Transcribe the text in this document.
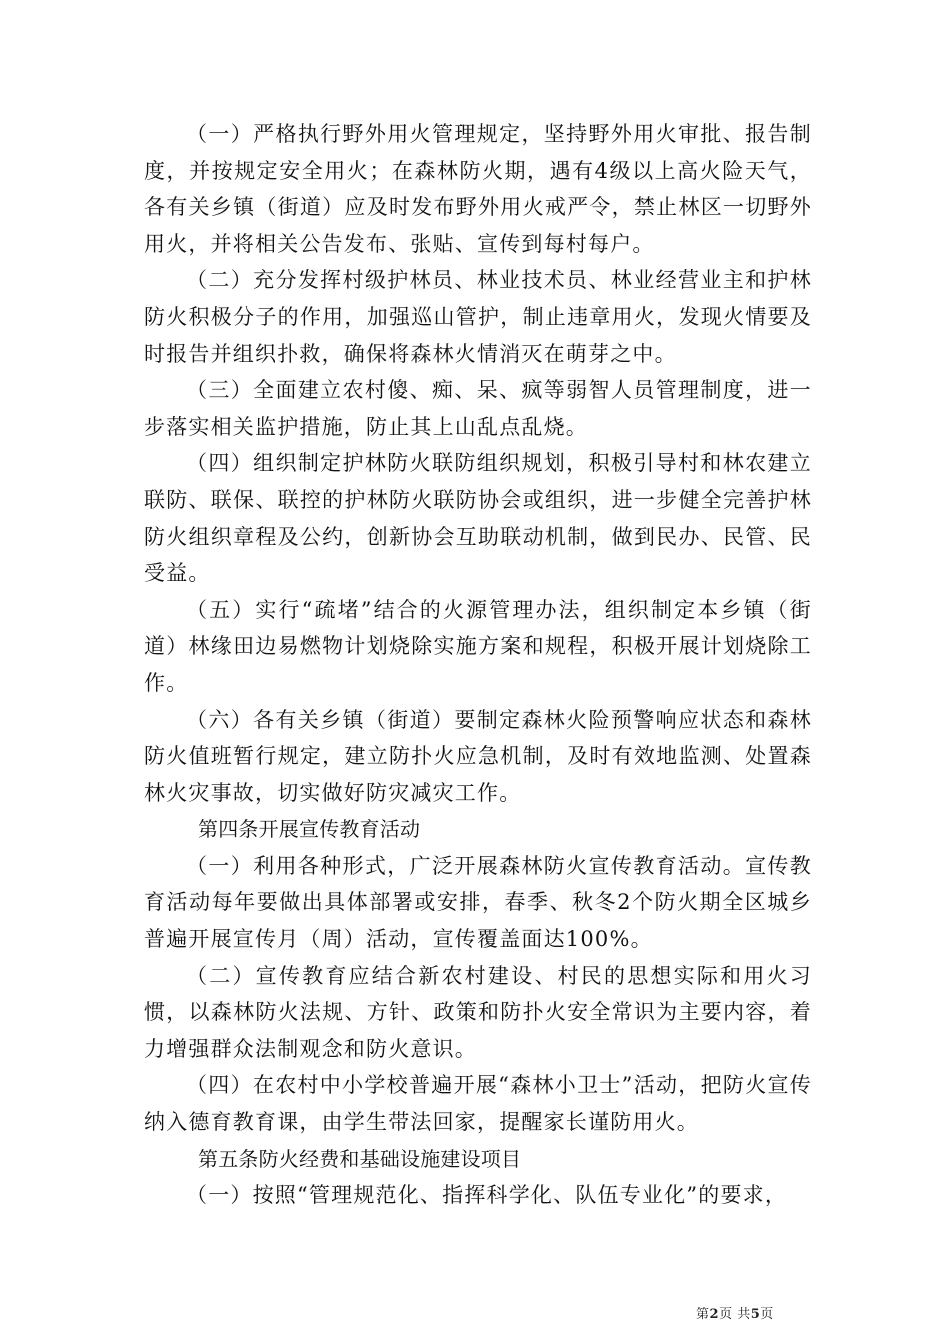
（一）严格执行野外用火管理规定，坚持野外用火审批、报告制度，并按规定安全用火；在森林防火期，遇有4级以上高火险天气，各有关乡镇（街道）应及时发布野外用火戒严令，禁止林区一切野外用火，并将相关公告发布、张贴、宣传到每村每户。

（二）充分发挥村级护林员、林业技术员、林业经营业主和护林防火积极分子的作用，加强巡山管护，制止违章用火，发现火情要及时报告并组织扑救，确保将森林火情消灭在萌芽之中。

（三）全面建立农村傻、痴、呆、疯等弱智人员管理制度，进一步落实相关监护措施，防止其上山乱点乱烧。

（四）组织制定护林防火联防组织规划，积极引导村和林农建立联防、联保、联控的护林防火联防协会或组织，进一步健全完善护林防火组织章程及公约，创新协会互助联动机制，做到民办、民管、民受益。

（五）实行“疏堵”结合的火源管理办法，组织制定本乡镇（街道）林缘田边易燃物计划烧除实施方案和规程，积极开展计划烧除工作。

（六）各有关乡镇（街道）要制定森林火险预警响应状态和森林防火值班暂行规定，建立防扑火应急机制，及时有效地监测、处置森林火灾事故，切实做好防灾减灾工作。

第四条开展宣传教育活动

（一）利用各种形式，广泛开展森林防火宣传教育活动。宣传教育活动每年要做出具体部署或安排，春季、秋冬2个防火期全区城乡普遍开展宣传月（周）活动，宣传覆盖面达100%。

（二）宣传教育应结合新农村建设、村民的思想实际和用火习惯，以森林防火法规、方针、政策和防扑火安全常识为主要内容，着力增强群众法制观念和防火意识。

（四）在农村中小学校普遍开展“森林小卫士”活动，把防火宣传纳入德育教育课，由学生带法回家，提醒家长谨防用火。

第五条防火经费和基础设施建设项目

（一）按照“管理规范化、指挥科学化、队伍专业化”的要求，

第2页 共5页
